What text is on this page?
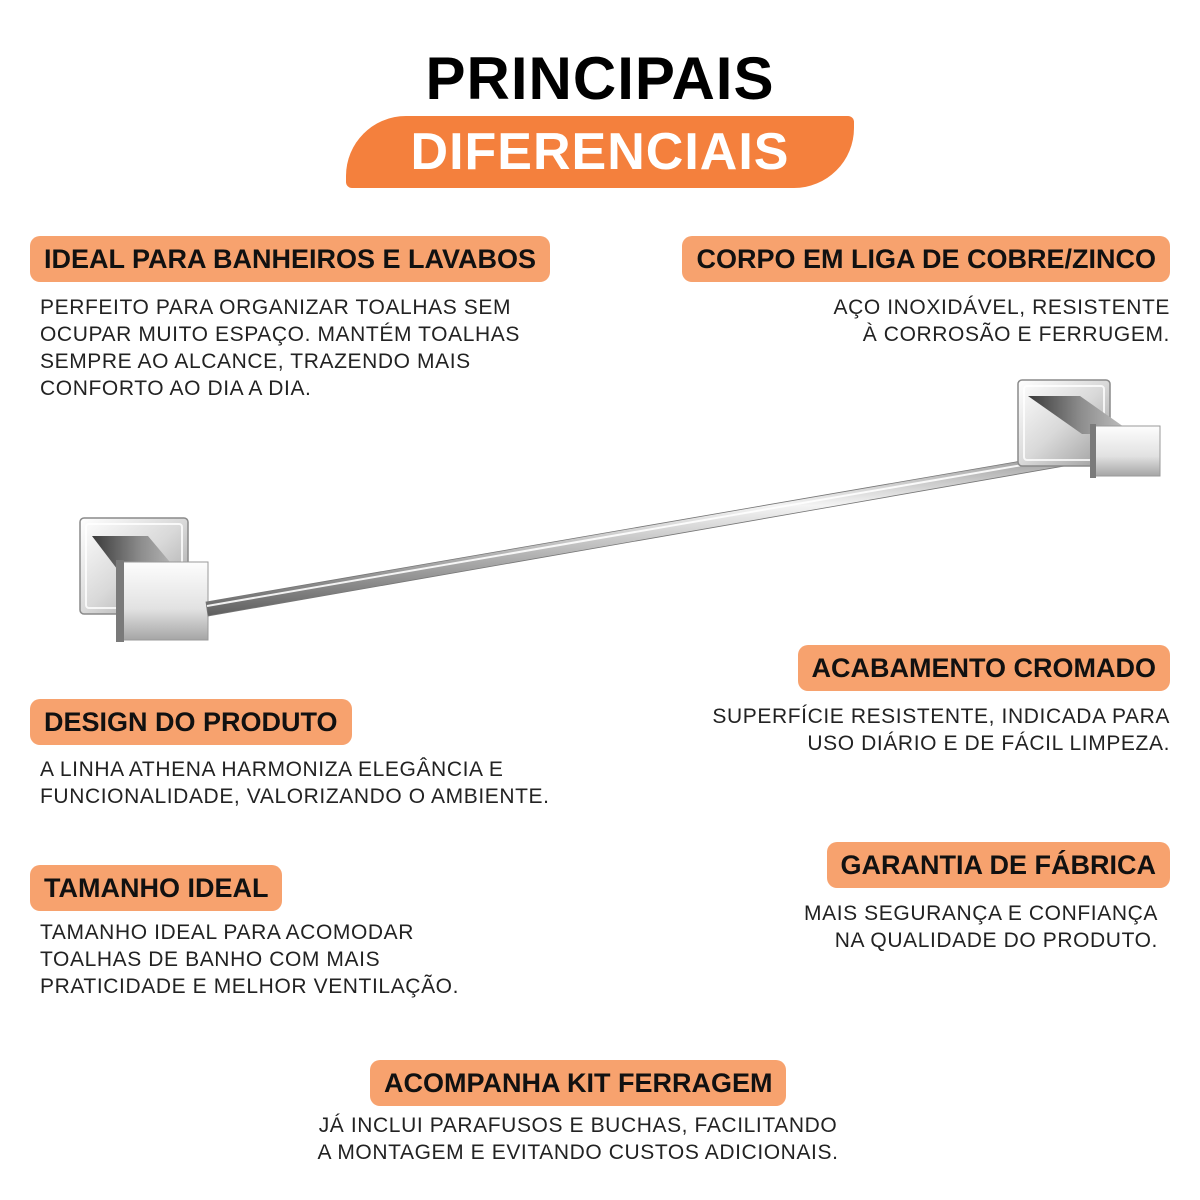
PRINCIPAIS
DIFERENCIAIS
IDEAL PARA BANHEIROS E LAVABOS
PERFEITO PARA ORGANIZAR TOALHAS SEM
OCUPAR MUITO ESPAÇO. MANTÉM TOALHAS
SEMPRE AO ALCANCE, TRAZENDO MAIS
CONFORTO AO DIA A DIA.
CORPO EM LIGA DE COBRE/ZINCO
AÇO INOXIDÁVEL, RESISTENTE
À CORROSÃO E FERRUGEM.
ACABAMENTO CROMADO
SUPERFÍCIE RESISTENTE, INDICADA PARA
USO DIÁRIO E DE FÁCIL LIMPEZA.
DESIGN DO PRODUTO
A LINHA ATHENA HARMONIZA ELEGÂNCIA E
FUNCIONALIDADE, VALORIZANDO O AMBIENTE.
TAMANHO IDEAL
TAMANHO IDEAL PARA ACOMODAR
TOALHAS DE BANHO COM MAIS
PRATICIDADE E MELHOR VENTILAÇÃO.
GARANTIA DE FÁBRICA
MAIS SEGURANÇA E CONFIANÇA
NA QUALIDADE DO PRODUTO.
ACOMPANHA KIT FERRAGEM
JÁ INCLUI PARAFUSOS E BUCHAS, FACILITANDO
A MONTAGEM E EVITANDO CUSTOS ADICIONAIS.
